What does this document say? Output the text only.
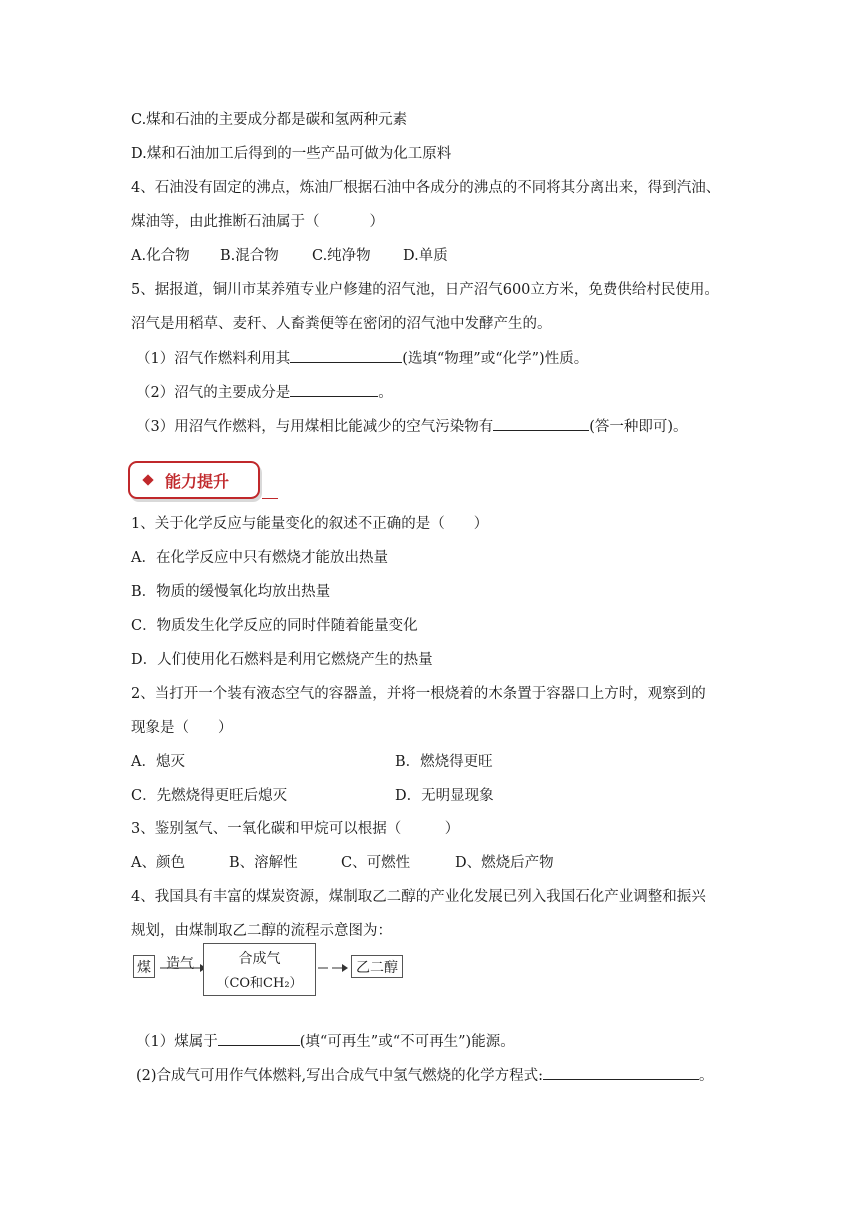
C.煤和石油的主要成分都是碳和氢两种元素
D.煤和石油加工后得到的一些产品可做为化工原料
4、石油没有固定的沸点，炼油厂根据石油中各成分的沸点的不同将其分离出来，得到汽油、
煤油等，由此推断石油属于（	）
A.化合物 B.混合物 C.纯净物 D.单质
5、据报道，铜川市某养殖专业户修建的沼气池，日产沼气600立方米，免费供给村民使用。
沼气是用稻草、麦秆、人畜粪便等在密闭的沼气池中发酵产生的。
（1）沼气作燃料利用其	(选填“物理”或“化学”)性质。
（2）沼气的主要成分是	。
（3）用沼气作燃料，与用煤相比能减少的空气污染物有	(答一种即可)。
能力提升
1、关于化学反应与能量变化的叙述不正确的是（　　）
A．在化学反应中只有燃烧才能放出热量
B．物质的缓慢氧化均放出热量
C．物质发生化学反应的同时伴随着能量变化
D．人们使用化石燃料是利用它燃烧产生的热量
2、当打开一个装有液态空气的容器盖，并将一根烧着的木条置于容器口上方时，观察到的
现象是（　　）
A．熄灭	B．燃烧得更旺
C．先燃烧得更旺后熄灭	D．无明显现象
3、鉴别氢气、一氧化碳和甲烷可以根据（　　　）
A、颜色	B、溶解性	C、可燃性	D、燃烧后产物
4、我国具有丰富的煤炭资源，煤制取乙二醇的产业化发展已列入我国石化产业调整和振兴
规划，由煤制取乙二醇的流程示意图为：
煤 造气	合成气
（CO和CH₂）
乙二醇
（1）煤属于	(填“可再生”或“不可再生”)能源。
(2)合成气可用作气体燃料,写出合成气中氢气燃烧的化学方程式:	。
